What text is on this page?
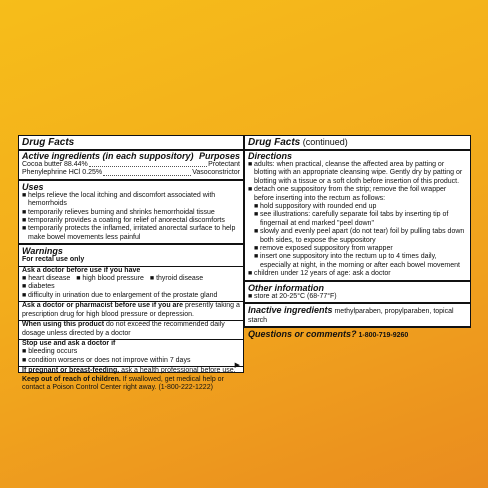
Drug Facts
Active ingredients (in each suppository) Purposes
Cocoa butter 88.44%	Protectant
Phenylephrine HCl 0.25%	Vasoconstrictor
Uses
■ helps relieve the local itching and discomfort associated with hemorrhoids
■ temporarily relieves burning and shrinks hemorrhoidal tissue
■ temporarily provides a coating for relief of anorectal discomforts
■ temporarily protects the inflamed, irritated anorectal surface to help make bowel movements less painful
Warnings
For rectal use only
Ask a doctor before use if you have
■ heart disease ■ high blood pressure ■ thyroid disease
■ diabetes
■ difficulty in urination due to enlargement of the prostate gland
Ask a doctor or pharmacist before use if you are presently taking a prescription drug for high blood pressure or depression.
When using this product do not exceed the recommended daily dosage unless directed by a doctor
Stop use and ask a doctor if
■ bleeding occurs
■ condition worsens or does not improve within 7 days
If pregnant or breast-feeding, ask a health professional before use.
Keep out of reach of children. If swallowed, get medical help or contact a Poison Control Center right away. (1-800-222-1222)
▶
Drug Facts (continued)
Directions
■ adults: when practical, cleanse the affected area by patting or blotting with an appropriate cleansing wipe. Gently dry by patting or blotting with a tissue or a soft cloth before insertion of this product.
■ detach one suppository from the strip; remove the foil wrapper before inserting into the rectum as follows:
■ hold suppository with rounded end up
■ see illustrations: carefully separate foil tabs by inserting tip of fingernail at end marked "peel down"
■ slowly and evenly peel apart (do not tear) foil by pulling tabs down both sides, to expose the suppository
■ remove exposed suppository from wrapper
■ insert one suppository into the rectum up to 4 times daily, especially at night, in the morning or after each bowel movement
■ children under 12 years of age: ask a doctor
Other information
■ store at 20-25°C (68-77°F)
Inactive ingredients methylparaben, propylparaben, topical starch
Questions or comments? 1-800-719-9260
